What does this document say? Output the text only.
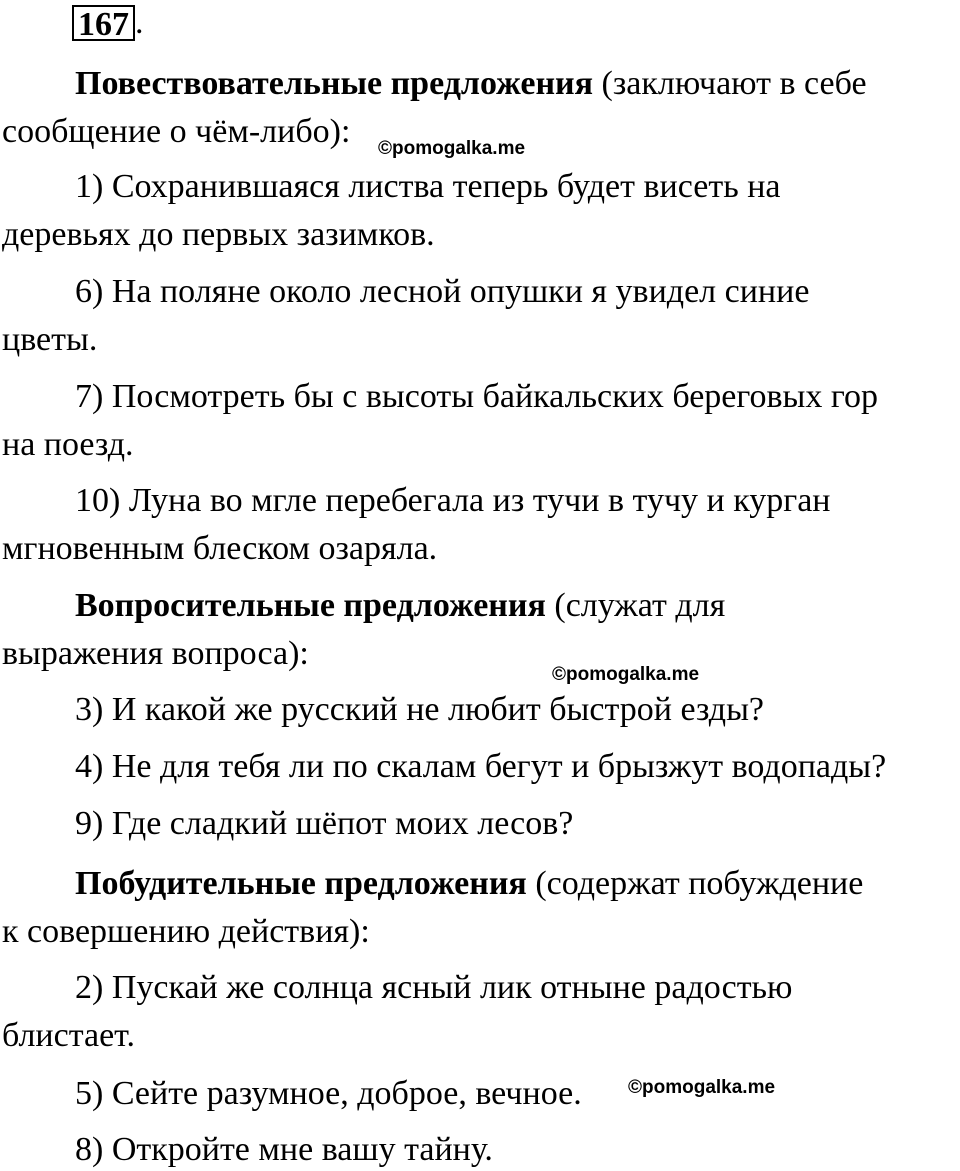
167 .
Повествовательные предложения (заключают в себе
сообщение о чём-либо): ©pomogalka.me
1) Сохранившаяся листва теперь будет висеть на
деревьях до первых зазимков.
6) На поляне около лесной опушки я увидел синие
цветы.
7) Посмотреть бы с высоты байкальских береговых гор
на поезд.
10) Луна во мгле перебегала из тучи в тучу и курган
мгновенным блеском озаряла.
Вопросительные предложения (служат для
выражения вопроса):
©pomogalka.me
3) И какой же русский не любит быстрой езды?
4) Не для тебя ли по скалам бегут и брызжут водопады?
9) Где сладкий шёпот моих лесов?
Побудительные предложения (содержат побуждение
к совершению действия):
2) Пускай же солнца ясный лик отныне радостью
блистает.
5) Сейте разумное, доброе, вечное. ©pomogalka.me
8) Откройте мне вашу тайну.
